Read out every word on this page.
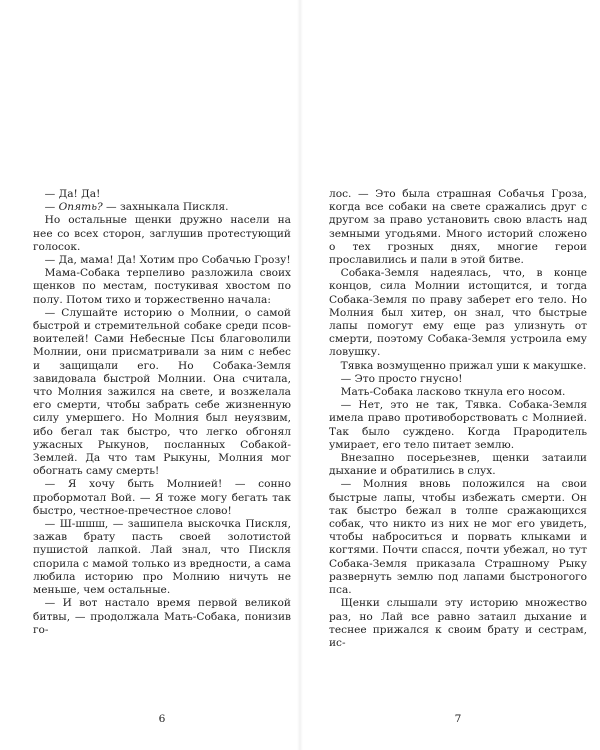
— Да! Да!

— Опять? — захныкала Пискля.

Но остальные щенки дружно насели на нее со всех сторон, заглушив протестующий голосок.

— Да, мама! Да! Хотим про Собачью Грозу!

Мама-Собака терпеливо разложила своих щенков по местам, постукивая хвостом по полу. Потом тихо и торжественно начала:

— Слушайте историю о Молнии, о самой быстрой и стремительной собаке среди псов-воителей! Сами Небесные Псы благоволили Молнии, они присматривали за ним с небес и защищали его. Но Собака-Земля завидовала быстрой Молнии. Она считала, что Молния зажился на свете, и возжелала его смерти, чтобы забрать себе жизненную силу умершего. Но Молния был неуязвим, ибо бегал так быстро, что легко обгонял ужасных Рыкунов, посланных Собакой-Землей. Да что там Рыкуны, Молния мог обогнать саму смерть!

— Я хочу быть Молнией! — сонно пробормотал Вой. — Я тоже могу бегать так быстро, честное-пречестное слово!

— Ш-шшш, — зашипела выскочка Пискля, зажав брату пасть своей золотистой пушистой лапкой. Лай знал, что Пискля спорила с мамой только из вредности, а сама любила историю про Молнию ничуть не меньше, чем остальные.

— И вот настало время первой великой битвы, — продолжала Мать-Собака, понизив го-

6

лос. — Это была страшная Собачья Гроза, когда все собаки на свете сражались друг с другом за право установить свою власть над земными угодьями. Много историй сложено о тех грозных днях, многие герои прославились и пали в этой битве.

Собака-Земля надеялась, что, в конце концов, сила Молнии истощится, и тогда Собака-Земля по праву заберет его тело. Но Молния был хитер, он знал, что быстрые лапы помогут ему еще раз улизнуть от смерти, поэтому Собака-Земля устроила ему ловушку.

Тявка возмущенно прижал уши к макушке.

— Это просто гнусно!

Мать-Собака ласково ткнула его носом.

— Нет, это не так, Тявка. Собака-Земля имела право противоборствовать с Молнией. Так было суждено. Когда Прародитель умирает, его тело питает землю.

Внезапно посерьезнев, щенки затаили дыхание и обратились в слух.

— Молния вновь положился на свои быстрые лапы, чтобы избежать смерти. Он так быстро бежал в толпе сражающихся собак, что никто из них не мог его увидеть, чтобы наброситься и порвать клыками и когтями. Почти спасся, почти убежал, но тут Собака-Земля приказала Страшному Рыку развернуть землю под лапами быстроногого пса.

Щенки слышали эту историю множество раз, но Лай все равно затаил дыхание и теснее прижался к своим брату и сестрам, ис-

7
